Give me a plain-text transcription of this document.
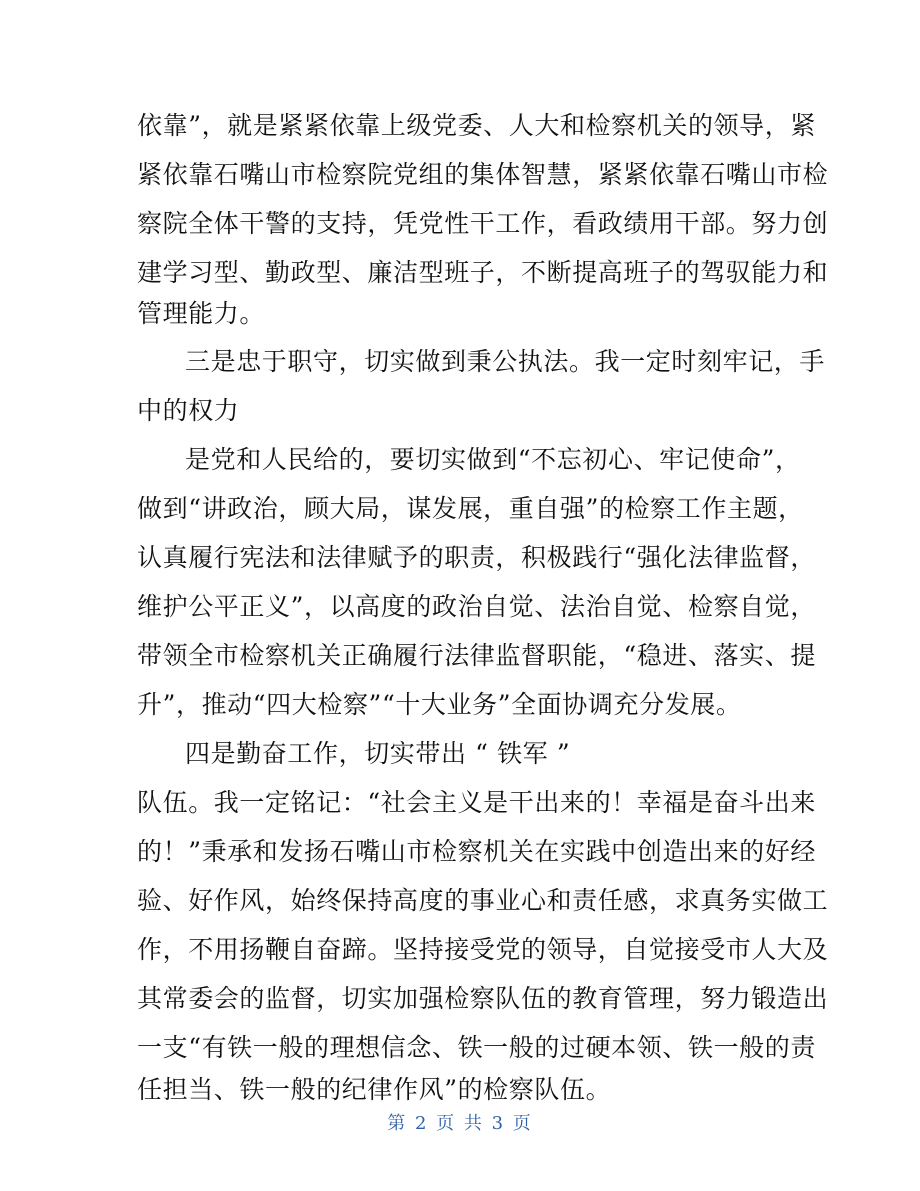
依靠”，就是紧紧依靠上级党委、人大和检察机关的领导，紧
紧依靠石嘴山市检察院党组的集体智慧，紧紧依靠石嘴山市检
察院全体干警的支持，凭党性干工作，看政绩用干部。努力创
建学习型、勤政型、廉洁型班子，不断提高班子的驾驭能力和
管理能力。
三是忠于职守，切实做到秉公执法。我一定时刻牢记，手
中的权力
是党和人民给的，要切实做到“不忘初心、牢记使命”，
做到“讲政治，顾大局，谋发展，重自强”的检察工作主题，
认真履行宪法和法律赋予的职责，积极践行“强化法律监督，
维护公平正义”，以高度的政治自觉、法治自觉、检察自觉，
带领全市检察机关正确履行法律监督职能，“稳进、落实、提
升”，推动“四大检察”“十大业务”全面协调充分发展。
四是勤奋工作，切实带出 “ 铁军 ”
队伍。我一定铭记：“社会主义是干出来的！幸福是奋斗出来
的！”秉承和发扬石嘴山市检察机关在实践中创造出来的好经
验、好作风，始终保持高度的事业心和责任感，求真务实做工
作，不用扬鞭自奋蹄。坚持接受党的领导，自觉接受市人大及
其常委会的监督，切实加强检察队伍的教育管理，努力锻造出
一支“有铁一般的理想信念、铁一般的过硬本领、铁一般的责
任担当、铁一般的纪律作风”的检察队伍。
第 2 页 共 3 页
